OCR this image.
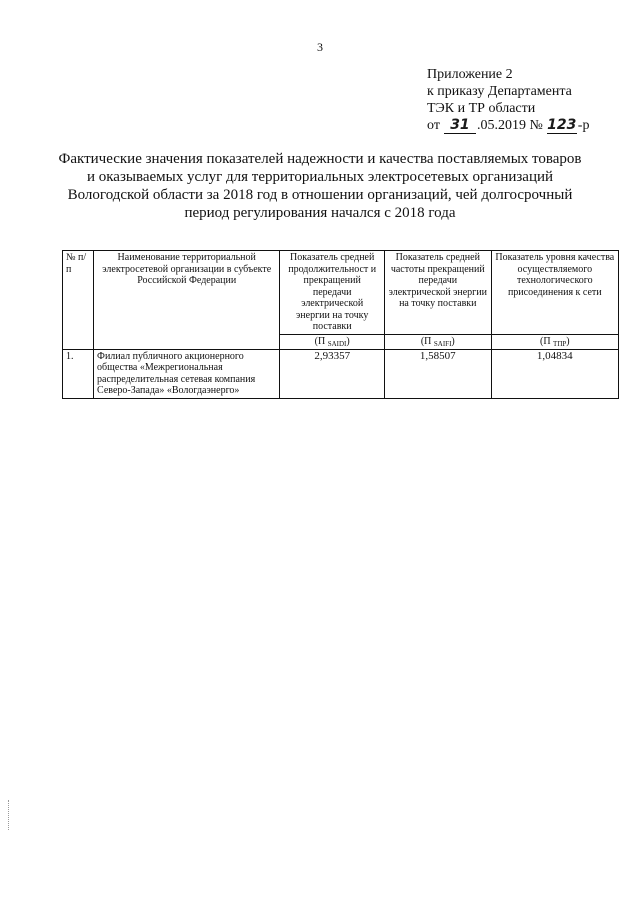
3
Приложение 2
к приказу Департамента
ТЭК и ТР области
от 31 .05.2019 № 123-р
Фактические значения показателей надежности и качества поставляемых товаров
и оказываемых услуг для территориальных электросетевых организаций
Вологодской области за 2018 год в отношении организаций, чей долгосрочный
период регулирования начался с 2018 года
№ п/п	Наименование территориальной электросетевой организации в субъекте Российской Федерации	Показатель средней продолжительност и прекращений передачи электрической энергии на точку поставки	Показатель средней частоты прекращений передачи электрической энергии на точку поставки	Показатель уровня качества осуществляемого технологического присоединения к сети
		(П $_{SAIDI}$)	(П $_{SAIFI}$)	(П $_{ТПР}$)
1.	Филиал публичного акционерного общества «Межрегиональная распределительная сетевая компания Северо-Запада» «Вологдаэнерго»	2,93357	1,58507	1,04834
